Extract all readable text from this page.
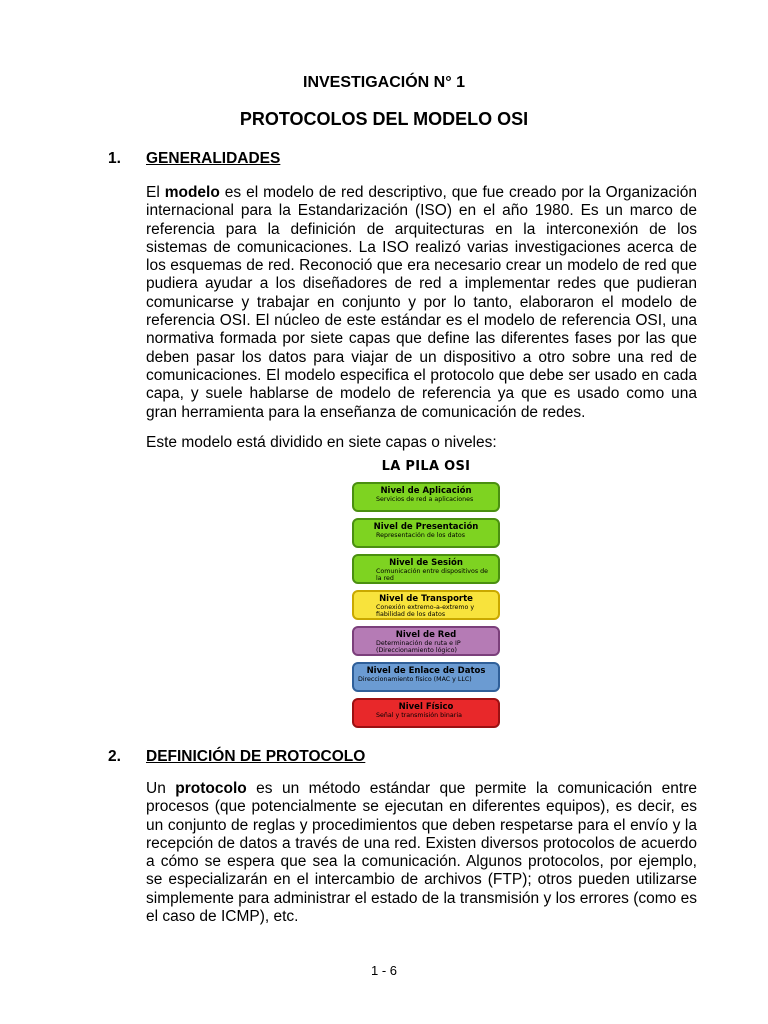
INVESTIGACIÓN N° 1
PROTOCOLOS DEL MODELO OSI
1. GENERALIDADES

El modelo es el modelo de red descriptivo, que fue creado por la Organización internacional para la Estandarización (ISO) en el año 1980. Es un marco de referencia para la definición de arquitecturas en la interconexión de los sistemas de comunicaciones. La ISO realizó varias investigaciones acerca de los esquemas de red. Reconoció que era necesario crear un modelo de red que pudiera ayudar a los diseñadores de red a implementar redes que pudieran comunicarse y trabajar en conjunto y por lo tanto, elaboraron el modelo de referencia OSI. El núcleo de este estándar es el modelo de referencia OSI, una normativa formada por siete capas que define las diferentes fases por las que deben pasar los datos para viajar de un dispositivo a otro sobre una red de comunicaciones. El modelo especifica el protocolo que debe ser usado en cada capa, y suele hablarse de modelo de referencia ya que es usado como una gran herramienta para la enseñanza de comunicación de redes.

Este modelo está dividido en siete capas o niveles:

LA PILA OSI
Nivel de Aplicación
Servicios de red a aplicaciones
Nivel de Presentación
Representación de los datos
Nivel de Sesión
Comunicación entre dispositivos de la red
Nivel de Transporte
Conexión extremo-a-extremo y fiabilidad de los datos
Nivel de Red
Determinación de ruta e IP (Direccionamiento lógico)
Nivel de Enlace de Datos
Direccionamiento físico (MAC y LLC)
Nivel Físico
Señal y transmisión binaria
2. DEFINICIÓN DE PROTOCOLO

Un protocolo es un método estándar que permite la comunicación entre procesos (que potencialmente se ejecutan en diferentes equipos), es decir, es un conjunto de reglas y procedimientos que deben respetarse para el envío y la recepción de datos a través de una red. Existen diversos protocolos de acuerdo a cómo se espera que sea la comunicación. Algunos protocolos, por ejemplo, se especializarán en el intercambio de archivos (FTP); otros pueden utilizarse simplemente para administrar el estado de la transmisión y los errores (como es el caso de ICMP), etc.

1 - 6
